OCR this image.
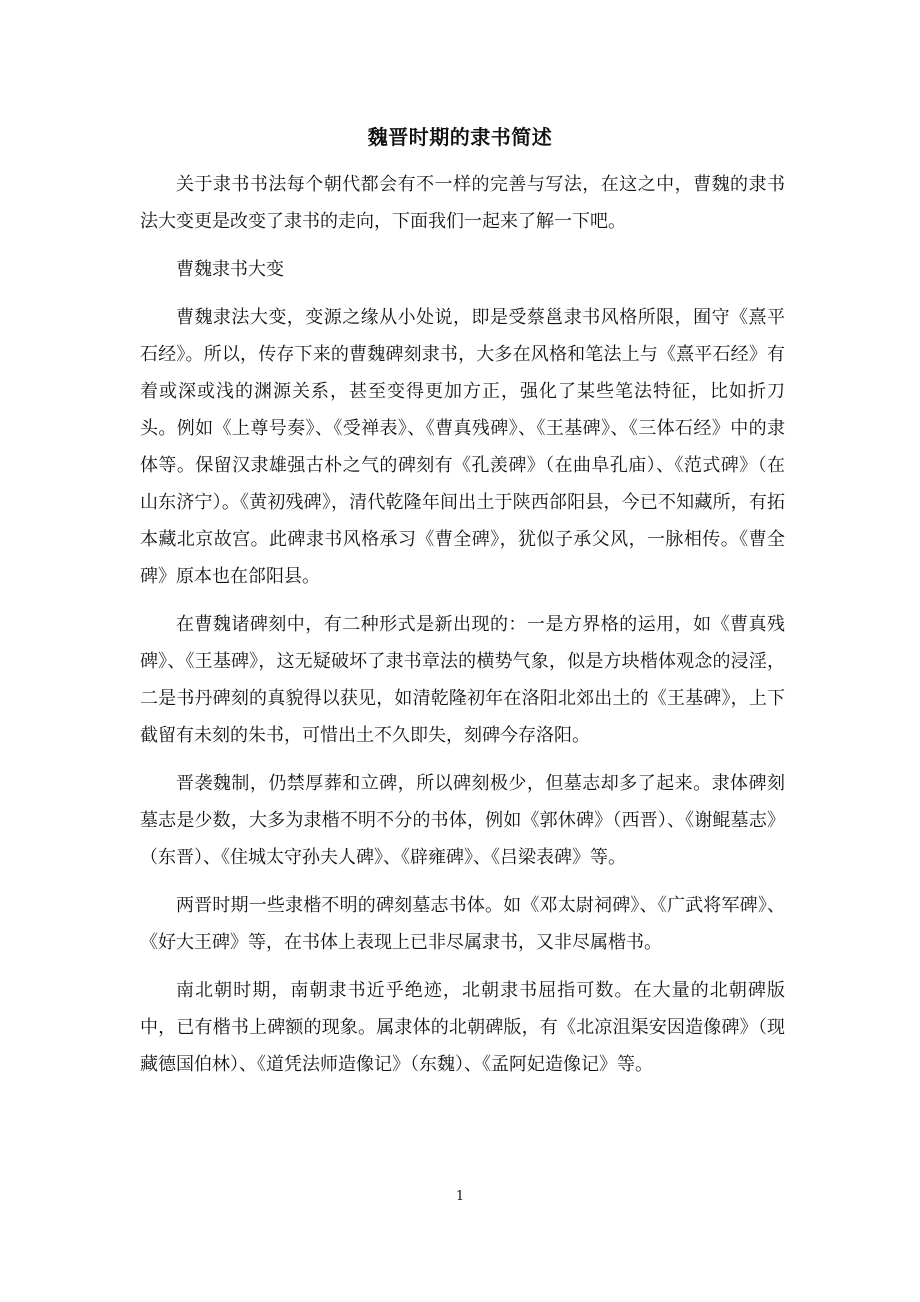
魏晋时期的隶书简述

关于隶书书法每个朝代都会有不一样的完善与写法，在这之中，曹魏的隶书法大变更是改变了隶书的走向，下面我们一起来了解一下吧。

曹魏隶书大变

曹魏隶法大变，变源之缘从小处说，即是受蔡邕隶书风格所限，囿守《熹平石经》。所以，传存下来的曹魏碑刻隶书，大多在风格和笔法上与《熹平石经》有着或深或浅的渊源关系，甚至变得更加方正，强化了某些笔法特征，比如折刀头。例如《上尊号奏》、《受禅表》、《曹真残碑》、《王基碑》、《三体石经》中的隶体等。保留汉隶雄强古朴之气的碑刻有《孔羡碑》（在曲阜孔庙）、《范式碑》（在山东济宁）。《黄初残碑》，清代乾隆年间出土于陕西郃阳县，今已不知藏所，有拓本藏北京故宫。此碑隶书风格承习《曹全碑》，犹似子承父风，一脉相传。《曹全碑》原本也在郃阳县。

在曹魏诸碑刻中，有二种形式是新出现的：一是方界格的运用，如《曹真残碑》、《王基碑》，这无疑破坏了隶书章法的横势气象，似是方块楷体观念的浸淫，二是书丹碑刻的真貌得以获见，如清乾隆初年在洛阳北郊出土的《王基碑》，上下截留有未刻的朱书，可惜出土不久即失，刻碑今存洛阳。

晋袭魏制，仍禁厚葬和立碑，所以碑刻极少，但墓志却多了起来。隶体碑刻墓志是少数，大多为隶楷不明不分的书体，例如《郭休碑》（西晋）、《谢鲲墓志》（东晋）、《住城太守孙夫人碑》、《辟雍碑》、《吕梁表碑》等。

两晋时期一些隶楷不明的碑刻墓志书体。如《邓太尉祠碑》、《广武将军碑》、《好大王碑》等，在书体上表现上已非尽属隶书，又非尽属楷书。

南北朝时期，南朝隶书近乎绝迹，北朝隶书屈指可数。在大量的北朝碑版中，已有楷书上碑额的现象。属隶体的北朝碑版，有《北凉沮渠安因造像碑》（现藏德国伯林）、《道凭法师造像记》（东魏）、《孟阿妃造像记》等。

1
